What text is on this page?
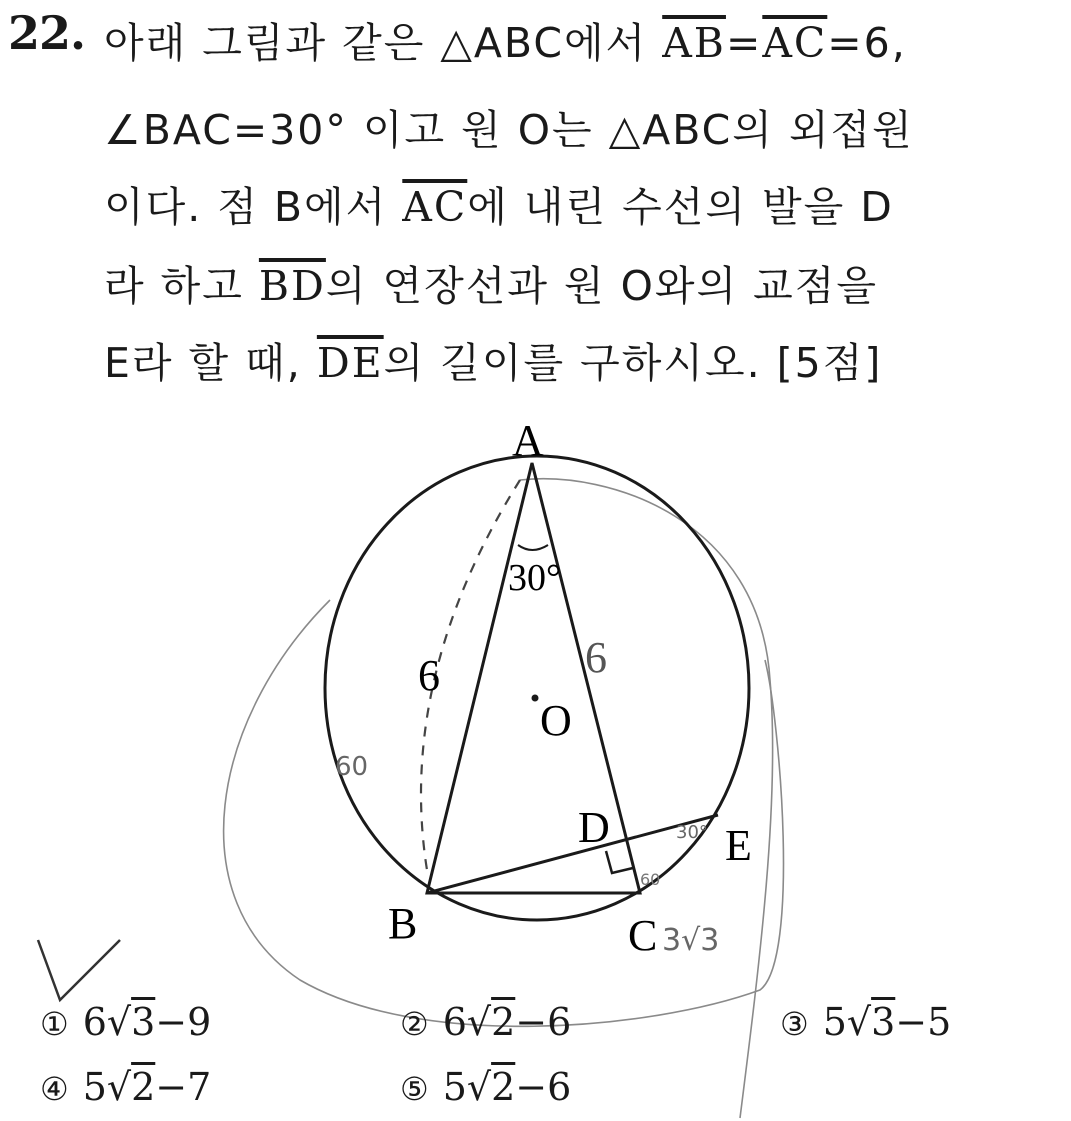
22. 아래 그림과 같은 △ABC에서 $\overline{AB}=\overline{AC}=6$,
∠BAC=30° 이고 원 O는 △ABC의 외접원
이다. 점 B에서 $\overline{AC}$에 내린 수선의 발을 D
라 하고 $\overline{BD}$의 연장선과 원 O와의 교점을
E라 할 때, $\overline{DE}$의 길이를 구하시오. [5점]
A
B	C
D	E
O
30°
6	6
60
30°
60
3√3
① 6√3−9	② 6√2−6	③ 5√3−5
④ 5√2−7	⑤ 5√2−6
